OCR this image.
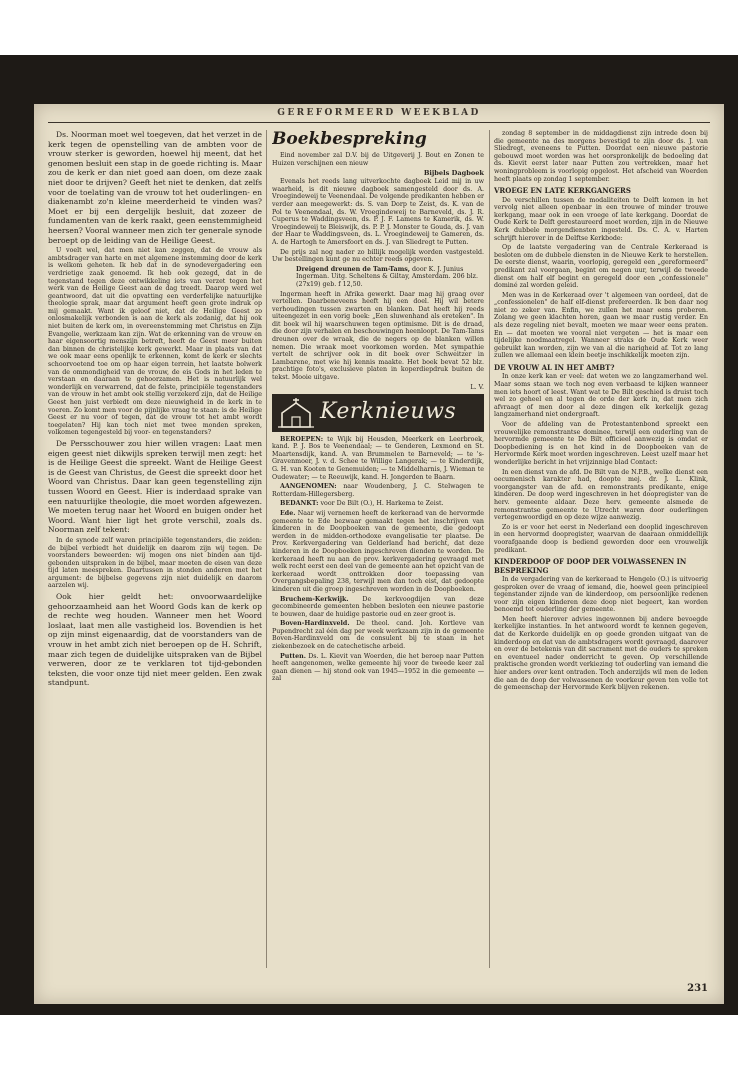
GEREFORMEERD WEEKBLAD

Ds. Noorman moet wel toegeven, dat het verzet in de kerk tegen de openstelling van de ambten voor de vrouw sterker is geworden, hoewel hij meent, dat het genomen besluit een stap in de goede richting is. Maar zou de kerk er dan niet goed aan doen, om deze zaak niet door te drijven? Geeft het niet te denken, dat zelfs voor de toelating van de vrouw tot het ouderlingen- en diakenambt zo'n kleine meerderheid te vinden was? Moet er bij een dergelijk besluit, dat zozeer de fundamenten van de kerk raakt, geen eenstemmigheid heersen? Vooral wanneer men zich ter generale synode beroept op de leiding van de Heilige Geest.

U voelt wel, dat men niet kan zeggen, dat de vrouw als ambtsdrager van harte en met algemene instemming door de kerk is welkom geheten. Ik heb dat in de synodevergadering een verdrietige zaak genoemd. Ik heb ook gezegd, dat in de tegenstand tegen deze ontwikkeling iets van verzet tegen het werk van de Heilige Geest aan de dag treedt. Daarop werd wel geantwoord, dat uit die opvatting een verderfelijke natuurlijke theologie sprak, maar dat argument heeft geen grote indruk op mij gemaakt. Want ik geloof niet, dat de Heilige Geest zo onlosmakelijk verbonden is aan de kerk als zodanig, dat hij ook niet buiten de kerk om, in overeenstemming met Christus en Zijn Evangelie, werkzaam kan zijn. Wat de erkenning van de vrouw en haar eigensoortig menszijn betreft, heeft de Geest meer buiten dan binnen de christelijke kerk gewerkt. Maar in plaats van dat we ook maar eens openlijk te erkennen, komt de kerk er slechts schoorvoetend toe om op haar eigen terrein, het laatste bolwerk van de ommondigheid van de vrouw, de eis Gods in het leden te verstaan en daaraan te gehoorzamen. Het is natuurlijk wel wonderlijk en verwarrend, dat de felste, principiële tegenstanders van de vrouw in het ambt ook stellig verzekerd zijn, dat de Heilige Geest hen juist verbiedt om deze nieuwigheid in de kerk in te voeren. Zo komt men voor de pijnlijke vraag te staan: is de Heilige Geest er nu voor of tegen, dat de vrouw tot het ambt wordt toegelaten? Hij kan toch niet met twee monden spreken, volkomen tegengesteld bij voor- en tegenstanders?

De Persschouwer zou hier willen vragen: Laat men eigen geest niet dikwijls spreken terwijl men zegt: het is de Heilige Geest die spreekt. Want de Heilige Geest is de Geest van Christus, de Geest die spreekt door het Woord van Christus. Daar kan geen tegenstelling zijn tussen Woord en Geest. Hier is inderdaad sprake van een natuurlijke theologie, die moet worden afgewezen. We moeten terug naar het Woord en buigen onder het Woord. Want hier ligt het grote verschil, zoals ds. Noorman zelf tekent:

In de synode zelf waren principiële tegenstanders, die zeiden: de bijbel verbiedt het duidelijk en daarom zijn wij tegen. De voorstanders beweerden: wij mogen ons niet binden aan tijd-gebonden uitspraken in de bijbel, maar moeten de eisen van deze tijd laten meespreken. Daartussen in stonden anderen met het argument: de bijbelse gegevens zijn niet duidelijk en daarom aarzelen wij.

Ook hier geldt het: onvoorwaardelijke gehoorzaamheid aan het Woord Gods kan de kerk op de rechte weg houden. Wanneer men het Woord loslaat, laat men alle vastigheid los. Bovendien is het op zijn minst eigenaardig, dat de voorstanders van de vrouw in het ambt zich niet beroepen op de H. Schrift, maar zich tegen de duidelijke uitspraken van de Bijbel verweren, door ze te verklaren tot tijd-gebonden teksten, die voor onze tijd niet meer gelden. Een zwak standpunt.

Boekbespreking

Eind november zal D.V. bij de Uitgeverij J. Bout en Zonen te Huizen verschijnen een nieuw

Bijbels Dagboek

Evenals het reeds lang uitverkochte dagboek Leid mij in uw waarheid, is dit nieuwe dagboek samengesteld door ds. A. Vroegindeweij te Veenendaal. De volgende predikanten hebben er verder aan meegewerkt: ds. S. van Dorp te Zeist, ds. K. van de Pol te Veenendaal, ds. W. Vroegindeweij te Barneveld, ds. J. R. Cuperus te Waddingsveen, ds. P. J. F. Lamens te Kamerik, ds. W. Vroegindeweij te Bleiswijk, ds. P. P. J. Monster te Gouda, ds. J. van der Haar te Waddingsveen, ds. L. Vroegindeweij te Gameren, ds. A. de Hartogh te Amersfoort en ds. J. van Sliedregt te Putten.

De prijs zal nog nader zo billijk mogelijk worden vastgesteld. Uw bestellingen kunt ge nu echter reeds opgeven.

Dreigend dreunen de Tam-Tams, door K. J. Junius Ingerman. Uitg. Scheltens & Giltay, Amsterdam. 206 blz. (27x19) geb. f 12,50.

Ingerman heeft in Afrika gewerkt. Daar mag hij graag over vertellen. Daarbeneveens heeft hij een doel. Hij wil betere verhoudingen tussen zwarten en blanken. Dat heeft hij reeds uiteengezet in een vorig boek: „Een sluwenhand als ereteken". In dit boek wil hij waarschuwen tegen optimisme. Dit is de draad, die door zijn verhalen en beschouwingen heenloopt. De Tam-Tams dreunen over de wraak, die de negers op de blanken willen nemen. Die wraak moet voorkomen worden. Met sympathie vertelt de schrijver ook in dit boek over Schweitzer in Lambarene, met wie hij kennis maakte. Het boek bevat 52 blz. prachtige foto's, exclusieve platen in koperdiepdruk buiten de tekst. Mooie uitgave.

L. V.
Kerknieuws

BEROEPEN: te Wijk bij Heusden, Meerkerk en Leerbroek, kand. P. J. Bos te Veenendaal; — te Genderen, Lexmond en St. Maartensdijk, kand. A. van Brummelen te Barneveld; — te 's-Gravenmoer, J. v. d. Schee te Willige Langerak; — te Kinderdijk, G. H. van Kooten te Genemuiden; — te Middelharnis, J. Wieman te Oudewater; — te Reeuwijk, kand. H. Jongerden te Baarn.

AANGENOMEN: naar Woudenberg, J. C. Stelwagen te Rotterdam-Hillegersberg.

BEDANKT: voor De Bilt (O.), H. Harkema te Zeist.

Ede. Naar wij vernemen heeft de kerkeraad van de hervormde gemeente te Ede bezwaar gemaakt tegen het inschrijven van kinderen in de Doopboeken van de gemeente, die gedoopt werden in de midden-orthodoxe evangelisatie ter plaatse. De Prov. Kerkvergadering van Gelderland had bericht, dat deze kinderen in de Doopboeken ingeschreven dienden te worden. De kerkeraad heeft nu aan de prov. kerkvergadering gevraagd met welk recht eerst een deel van de gemeente aan het opzicht van de kerkeraad wordt onttrokken door toepassing van Overgangsbepaling 238, terwijl men dan toch eist, dat gedoopte kinderen uit die groep ingeschreven worden in de Doopboeken.

Bruchem-Kerkwijk. De kerkvoogdijen van deze gecombineerde gemeenten hebben besloten een nieuwe pastorie te bouwen, daar de huidige pastorie oud en zeer groot is.

Boven-Hardinxveld. De theol. cand. Joh. Kortleve van Pupendrecht zal één dag per week werkzaam zijn in de gemeente Boven-Hardinxveld om de consulent bij te staan in het ziekenbezoek en de catechetische arbeid.

Putten. Ds. L. Kievit van Woerden, die het beroep naar Putten heeft aangenomen, welke gemeente hij voor de tweede keer zal gaan dienen — hij stond ook van 1945—1952 in die gemeente — zal

zondag 8 september in de middagdienst zijn intrede doen bij die gemeente na des morgens bevestigd te zijn door ds. J. van Sliedregt, eveneens te Putten. Doordat een nieuwe pastorie gebouwd moet worden was het oorspronkelijk de bedoeling dat ds. Kievit eerst later naar Putten zou vertrekken, maar het woningprobleem is voorlopig opgelost. Het afscheid van Woerden heeft plaats op zondag 1 september.

VROEGE EN LATE KERKGANGERS

De verschillen tussen de modaliteiten te Delft komen in het vervolg niet alleen openbaar in een trouwe of minder trouwe kerkgang, maar ook in een vroege of late kerkgang. Doordat de Oude Kerk te Delft gerestaureerd moet worden, zijn in de Nieuwe Kerk dubbele morgendiensten ingesteld. Ds. C. A. v. Harten schrijft hierover in de Delftse Kerkbode:

Op de laatste vergadering van de Centrale Kerkeraad is besloten om de dubbele diensten in de Nieuwe Kerk te herstellen. De eerste dienst, waarin, voorlopig, geregeld een „gereformeerd" predikant zal voorgaan, begint om negen uur, terwijl de tweede dienst om half elf begint en geregeld door een „confessionele" dominé zal worden geleid.

Men was in de Kerkeraad over 't algemeen van oordeel, dat de „confessionelen" de half elf-dienst prefereerden. Ik ben daar nog niet zo zeker van. Enfin, we zullen het maar eens proberen. Zolang we geen klachten horen, gaan we maar rustig verder. En als deze regeling niet bevalt, moeten we maar weer eens praten. En — dat moeten we vooral niet vergeten — het is maar een tijdelijke noodmaatregel. Wanneer straks de Oude Kerk weer gebruikt kan worden, zijn we van al die narigheid af. Tot zo lang zullen we allemaal een klein beetje inschikkelijk moeten zijn.

DE VROUW AL IN HET AMBT?

In onze kerk kan er veel: dat weten we zo langzamerhand wel. Maar soms staan we toch nog even verbaasd te kijken wanneer men iets hoort of leest. Want wat te De Bilt geschied is druist toch wel zo geheel en al tegen de orde der kerk in, dat men zich afvraagt of men door al deze dingen elk kerkelijk gezag langzamerhand niet ondergraaft.

Voor de afdeling van de Protestantenbond spreekt een vrouwelijke remonstrantse dominee, terwijl een ouderling van de hervormde gemeente te De Bilt officieel aanwezig is omdat er Doopbediening is en het kind in de Doopboeken van de Hervormde Kerk moet worden ingeschreven. Leest uzelf maar het wonderlijke bericht in het vrijzinnige blad Contact:

In een dienst van de afd. De Bilt van de N.P.B., welke dienst een oecumenisch karakter had, doopte mej. dr. J. L. Klink, voorgangster van de afd. en remonstrants predikante, enige kinderen. De doop werd ingeschreven in het doopregister van de herv. gemeente aldaar. Deze herv. gemeente alsmede de remonstrantse gemeente te Utrecht waren door ouderlingen vertegenwoordigd en op deze wijze aanwezig.

Zo is er voor het eerst in Nederland een dooplid ingeschreven in een hervormd doopregister, waarvan de daaraan onmiddellijk voorafgaande doop is bediend geworden door een vrouwelijk predikant.

KINDERDOOP OF DOOP DER VOLWASSENEN IN BESPREKING

In de vergadering van de kerkeraad te Hengelo (O.) is uitvoerig gesproken over de vraag of iemand, die, hoewel geen principieel tegenstander zijnde van de kinderdoop, om persoonlijke redenen voor zijn eigen kinderen deze doop niet begeert, kan worden benoemd tot ouderling der gemeente.

Men heeft hierover advies ingewonnen bij andere bevoegde kerkelijke instanties. In het antwoord wordt te kennen gegeven, dat de Kerkorde duidelijk en op goede gronden uitgaat van de kinderdoop en dat van de ambtsdragers wordt gevraagd, daarover en over de betekenis van dit sacrament met de ouders te spreken en eventueel nader onderricht te geven. Op verschillende praktische gronden wordt verkiezing tot ouderling van iemand die hier anders over kent ontraden. Toch anderzijds wil men de leden die aan de doop der volwassenen de voorkeur geven ten volle tot de gemeenschap der Hervormde Kerk blijven rekenen.

231
